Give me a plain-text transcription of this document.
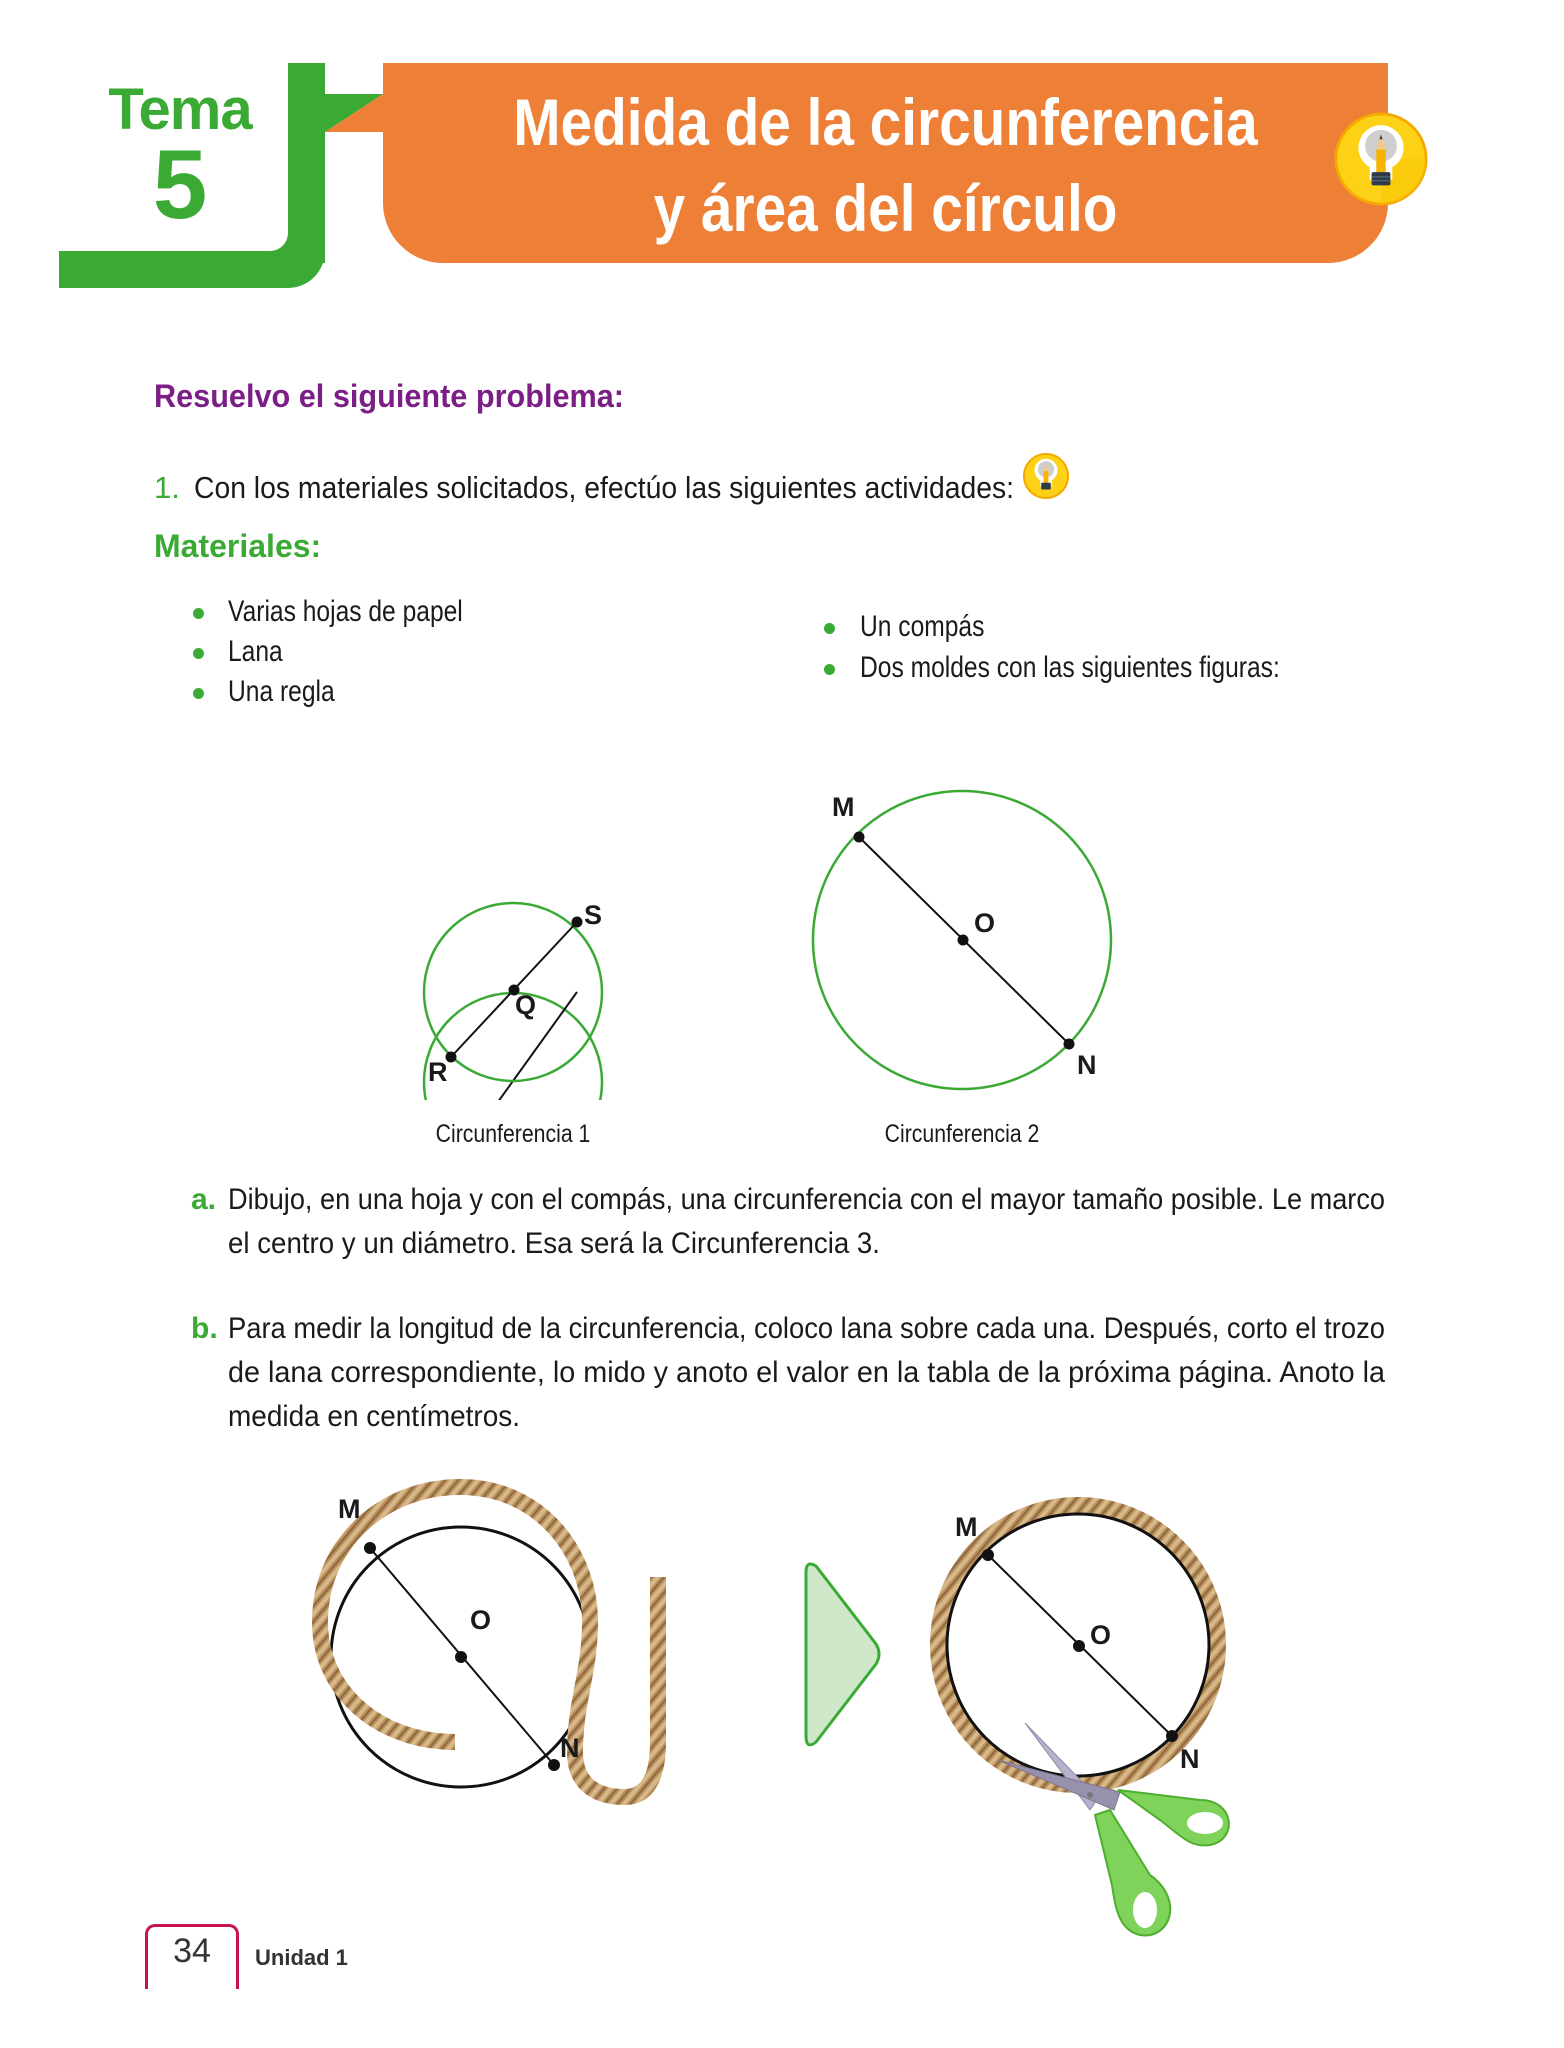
Tema
5
Medida de la circunferencia
y área del círculo
Resuelvo el siguiente problema:
1. Con los materiales solicitados, efectúo las siguientes actividades:
Materiales:
Varias hojas de papel
Lana
Una regla
Un compás
Dos moldes con las siguientes figuras:
S
Q
R
M
O
N
Circunferencia 1	Circunferencia 2
a. Dibujo, en una hoja y con el compás, una circunferencia con el mayor tamaño posible. Le marco
el centro y un diámetro. Esa será la Circunferencia 3.
b. Para medir la longitud de la circunferencia, coloco lana sobre cada una. Después, corto el trozo
de lana correspondiente, lo mido y anoto el valor en la tabla de la próxima página. Anoto la
medida en centímetros.
M
O
N
M
O
N
34	Unidad 1
